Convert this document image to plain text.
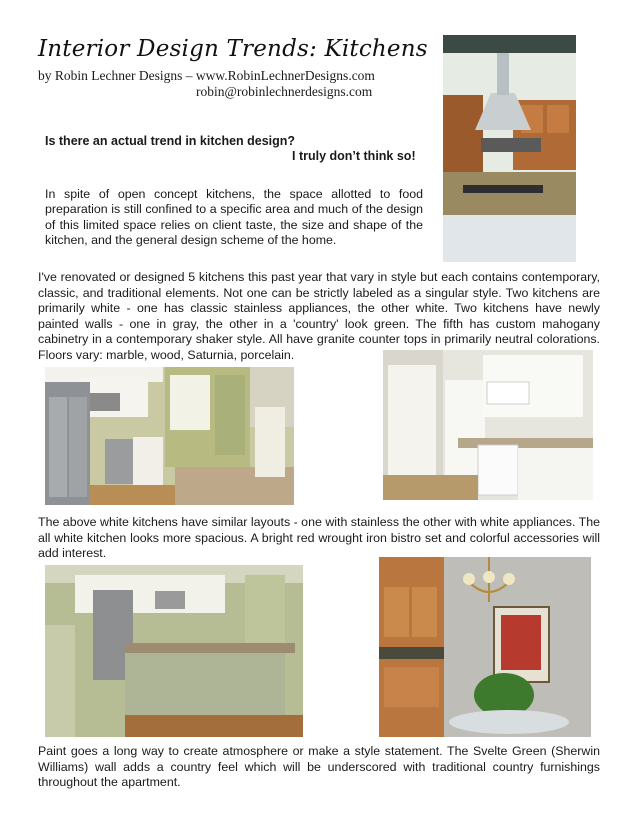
Interior Design Trends: Kitchens
by Robin Lechner Designs – www.RobinLechnerDesigns.com
robin@robinlechnerdesigns.com
Is there an actual trend in kitchen design?
I truly don’t think so!
In spite of open concept kitchens, the space allotted to food preparation is still confined to a specific area and much of the design of this limited space relies on client taste, the size and shape of the kitchen, and the general design scheme of the home.
I've renovated or designed 5 kitchens this past year that vary in style but each contains contemporary, classic, and traditional elements. Not one can be strictly labeled as a singular style. Two kitchens are primarily white - one has classic stainless appliances, the other white. Two kitchens have newly painted walls - one in gray, the other in a 'country' look green. The fifth has custom mahogany cabinetry in a contemporary shaker style. All have granite counter tops in primarily neutral colorations. Floors vary: marble, wood, Saturnia, porcelain.
The above white kitchens have similar layouts - one with stainless the other with white appliances. The all white kitchen looks more spacious. A bright red wrought iron bistro set and colorful accessories will add interest.
Paint goes a long way to create atmosphere or make a style statement. The Svelte Green (Sherwin Williams) wall adds a country feel which will be underscored with traditional country furnishings throughout the apartment.
